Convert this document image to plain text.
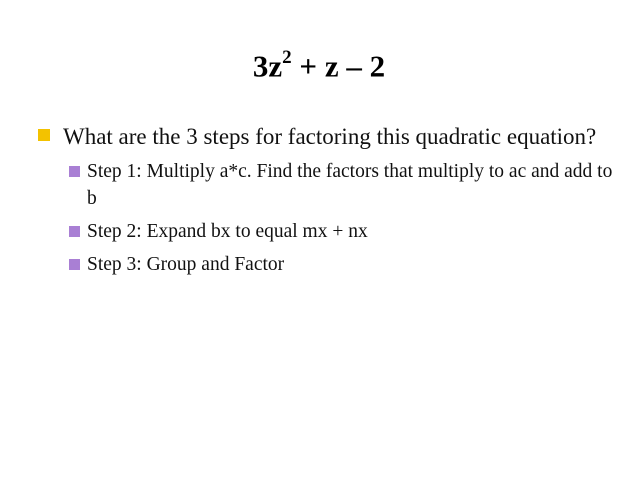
$3z^2 + z - 2$
What are the 3 steps for factoring this quadratic equation?
Step 1: Multiply a*c. Find the factors that multiply to ac and add to b
Step 2: Expand bx to equal mx + nx
Step 3: Group and Factor
